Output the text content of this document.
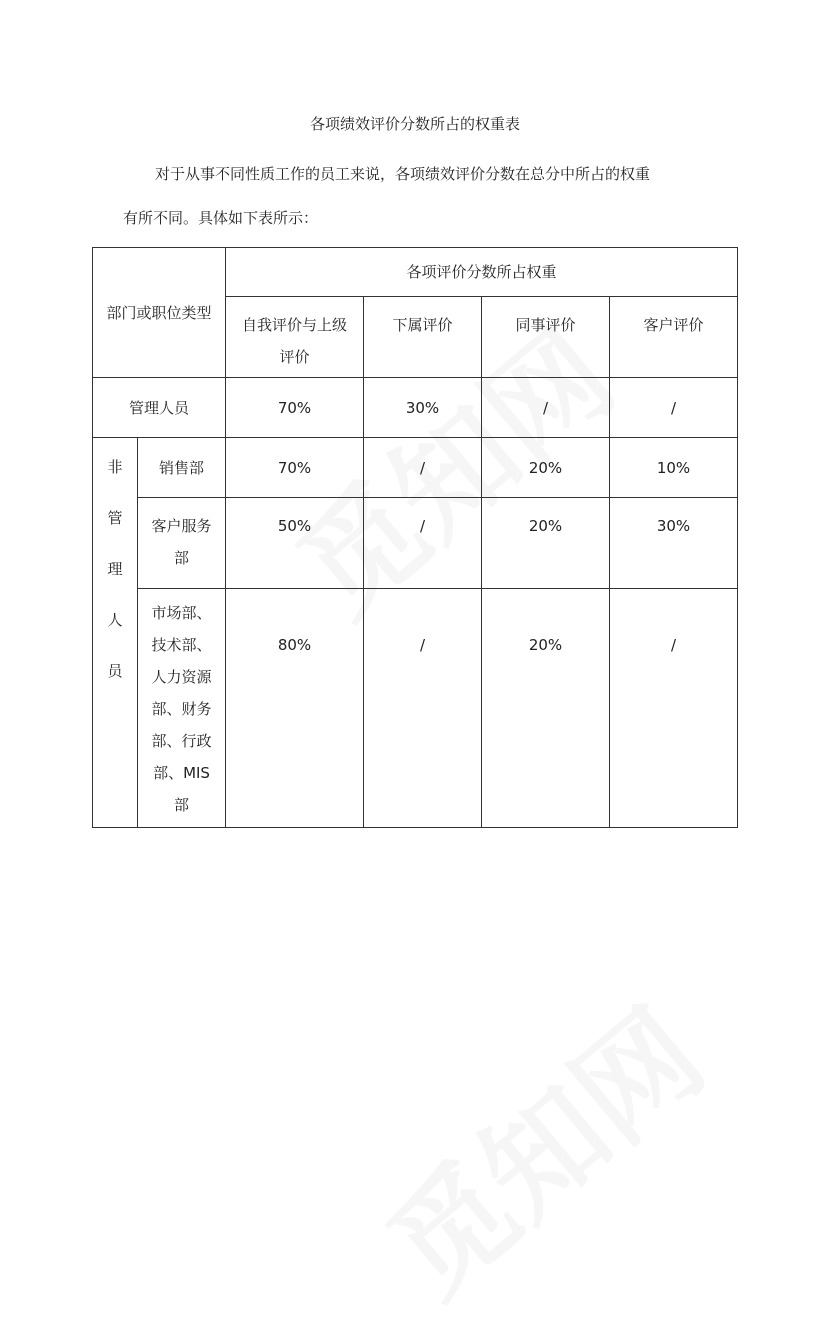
各项绩效评价分数所占的权重表
对于从事不同性质工作的员工来说，各项绩效评价分数在总分中所占的权重
有所不同。具体如下表所示：
部门或职位类型		各项评价分数所占权重			

		自我评价与上级评价	下属评价	同事评价	客户评价
管理人员		70%	30%	/	/

非
管
理
人
员	销售部	70%	/	20%	10%

	客户服务部	50%	/	20%	30%

	市场部、技术部、人力资源部、财务部、行政部、MIS部	80%	/	20%	/
